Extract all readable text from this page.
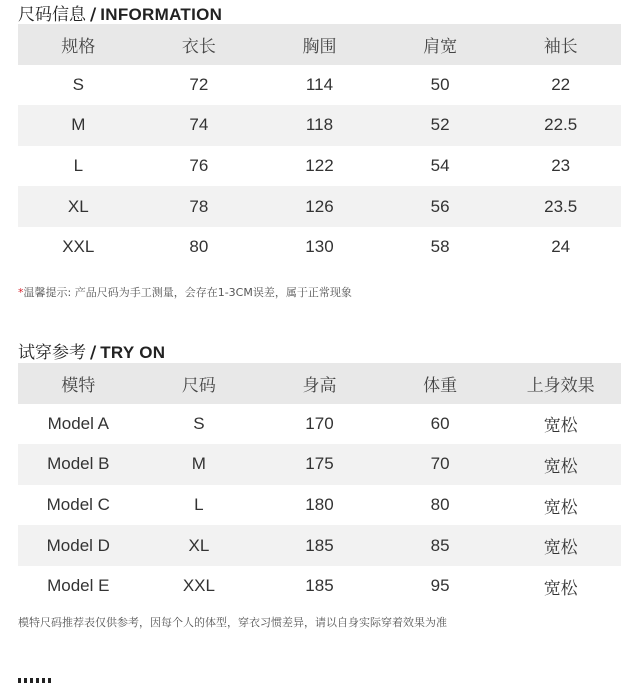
尺码信息 / INFORMATION
规格	衣长	胸围	肩宽	袖长
S	72	114	50	22
M	74	118	52	22.5
L	76	122	54	23
XL	78	126	56	23.5
XXL	80	130	58	24
*温馨提示: 产品尺码为手工测量，会存在1-3CM误差，属于正常现象
试穿参考 / TRY ON
模特	尺码	身高	体重	上身效果
Model A	S	170	60	宽松
Model B	M	175	70	宽松
Model C	L	180	80	宽松
Model D	XL	185	85	宽松
Model E	XXL	185	95	宽松
模特尺码推荐表仅供参考，因每个人的体型，穿衣习惯差异，请以自身实际穿着效果为准
